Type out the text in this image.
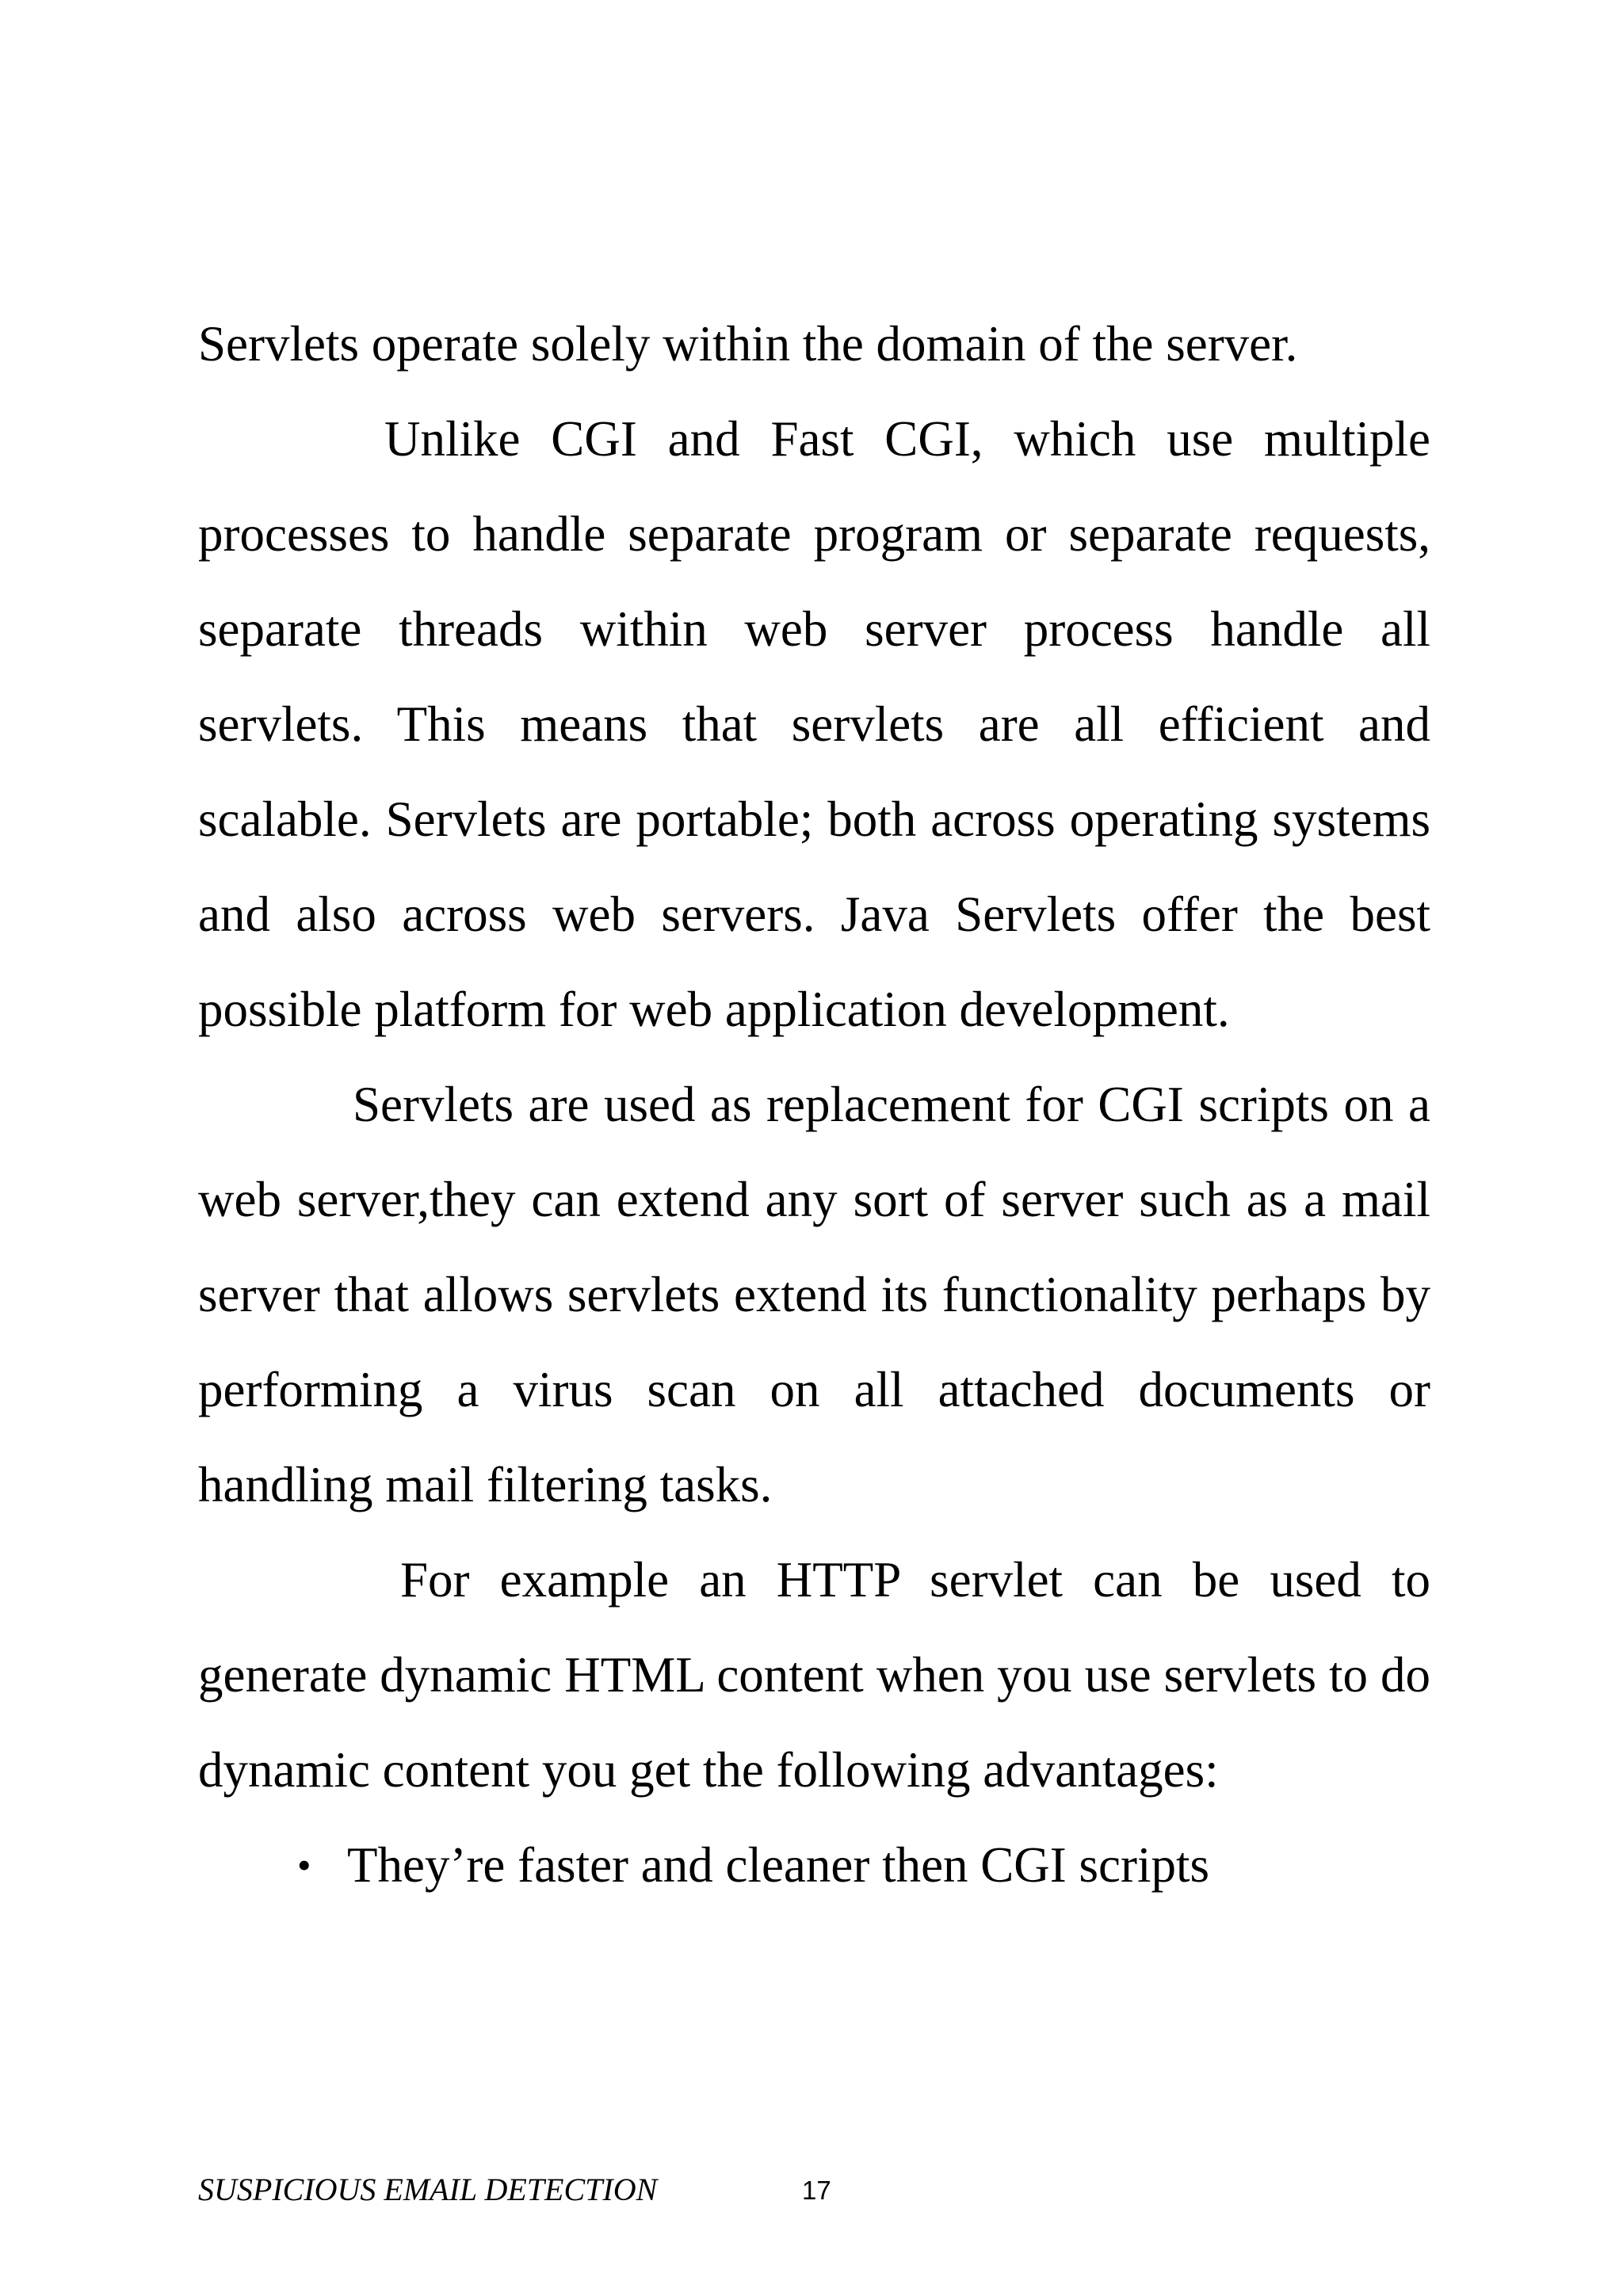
Servlets operate solely within the domain of the server.

Unlike CGI and Fast CGI, which use multiple processes to handle separate program or separate requests, separate threads within web server process handle all servlets. This means that servlets are all efficient and scalable. Servlets are portable; both across operating systems and also across web servers. Java Servlets offer the best possible platform for web application development.

Servlets are used as replacement for CGI scripts on a web server,they can extend any sort of server such as a mail server that allows servlets extend its functionality perhaps by performing a virus scan on all attached documents or handling mail filtering tasks.

For example an HTTP servlet can be used to generate dynamic HTML content when you use servlets to do dynamic content you get the following advantages:

• They’re faster and cleaner then CGI scripts
SUSPICIOUS EMAIL DETECTION	17
